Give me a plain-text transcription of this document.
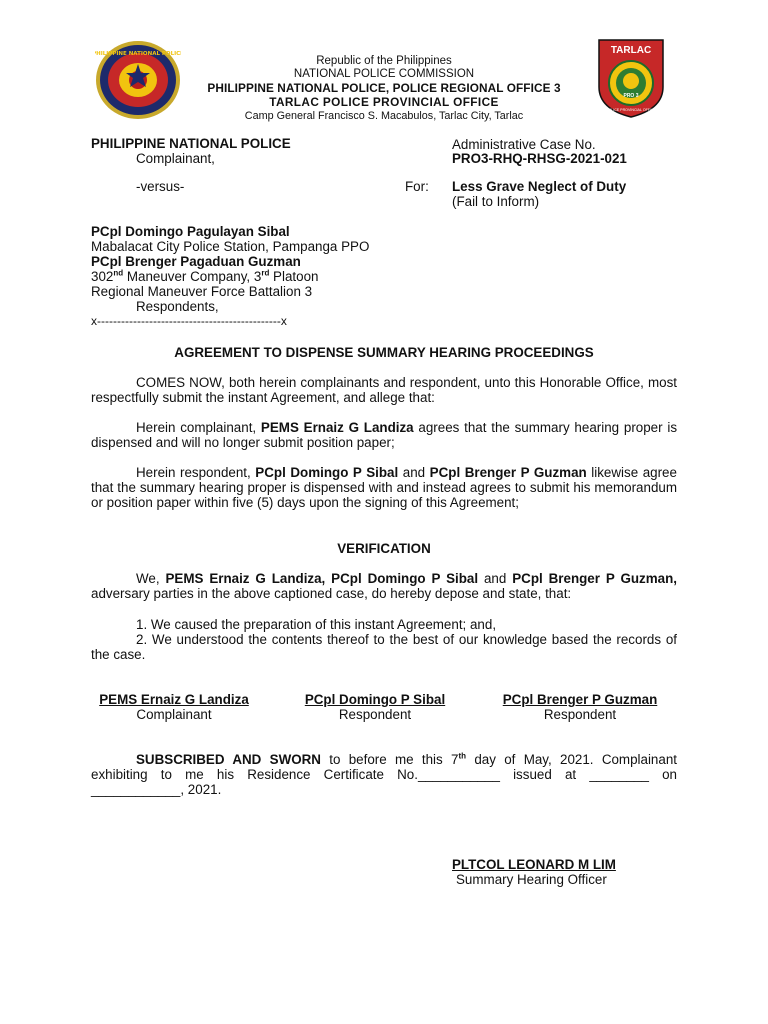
PHILIPPINE NATIONAL POLICE	TARLAC
PRO 3
POLICE PROVINCIAL OFFICE
Republic of the Philippines
NATIONAL POLICE COMMISSION
PHILIPPINE NATIONAL POLICE, POLICE REGIONAL OFFICE 3
TARLAC POLICE PROVINCIAL OFFICE
Camp General Francisco S. Macabulos, Tarlac City, Tarlac
PHILIPPINE NATIONAL POLICE
Complainant,
-versus-
Administrative Case No.
PRO3-RHQ-RHSG-2021-021
For: Less Grave Neglect of Duty
(Fail to Inform)
PCpl Domingo Pagulayan Sibal
Mabalacat City Police Station, Pampanga PPO
PCpl Brenger Pagaduan Guzman
302nd Maneuver Company, 3rd Platoon
Regional Maneuver Force Battalion 3
Respondents,
x----------------------------------------------x
AGREEMENT TO DISPENSE SUMMARY HEARING PROCEEDINGS
COMES NOW, both herein complainants and respondent, unto this Honorable Office, most respectfully submit the instant Agreement, and allege that:
Herein complainant, PEMS Ernaiz G Landiza agrees that the summary hearing proper is dispensed and will no longer submit position paper;
Herein respondent, PCpl Domingo P Sibal and PCpl Brenger P Guzman likewise agree that the summary hearing proper is dispensed with and instead agrees to submit his memorandum or position paper within five (5) days upon the signing of this Agreement;
VERIFICATION
We, PEMS Ernaiz G Landiza, PCpl Domingo P Sibal and PCpl Brenger P Guzman, adversary parties in the above captioned case, do hereby depose and state, that:
1. We caused the preparation of this instant Agreement; and,
2. We understood the contents thereof to the best of our knowledge based the records of the case.
PEMS Ernaiz G Landiza
Complainant
PCpl Domingo P Sibal
Respondent
PCpl Brenger P Guzman
Respondent
SUBSCRIBED AND SWORN to before me this 7th day of May, 2021. Complainant exhibiting to me his Residence Certificate No.___________ issued at ________ on ____________, 2021.
PLTCOL LEONARD M LIM
Summary Hearing Officer
